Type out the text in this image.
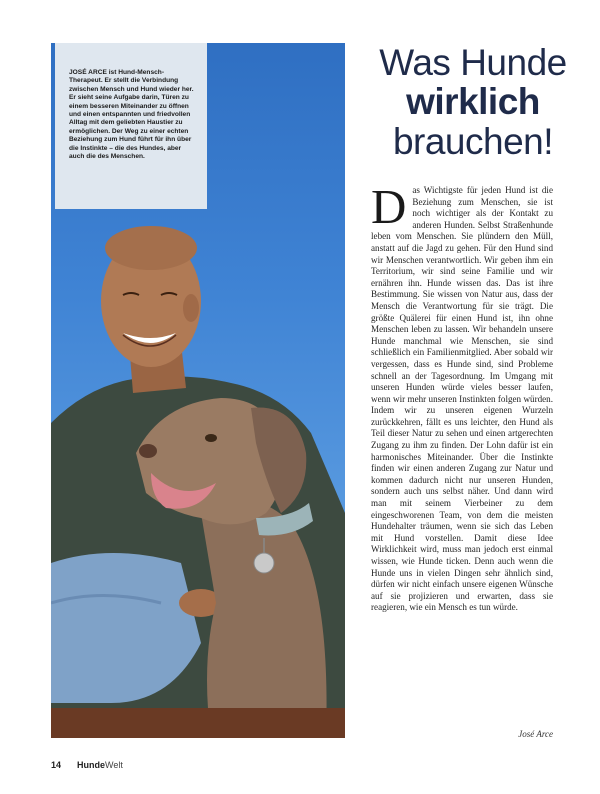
JOSÉ ARCE ist Hund-Mensch-Therapeut. Er stellt die Verbindung zwischen Mensch und Hund wieder her. Er sieht seine Aufgabe darin, Türen zu einem besseren Miteinander zu öffnen und einen entspannten und friedvollen Alltag mit dem geliebten Haustier zu ermöglichen. Der Weg zu einer echten Beziehung zum Hund führt für ihn über die Instinkte – die des Hundes, aber auch die des Menschen.
Was Hunde
wirklich
brauchen!
Das Wichtigste für jeden Hund ist die Beziehung zum Menschen, sie ist noch wichtiger als der Kontakt zu anderen Hunden. Selbst Straßenhunde leben vom Menschen. Sie plündern den Müll, anstatt auf die Jagd zu gehen. Für den Hund sind wir Menschen verantwortlich. Wir geben ihm ein Territorium, wir sind seine Familie und wir ernähren ihn. Hunde wissen das. Das ist ihre Bestimmung. Sie wissen von Natur aus, dass der Mensch die Verantwortung für sie trägt. Die größte Quälerei für einen Hund ist, ihn ohne Menschen leben zu lassen. Wir behandeln unsere Hunde manchmal wie Menschen, sie sind schließlich ein Familienmitglied. Aber sobald wir vergessen, dass es Hunde sind, sind Probleme schnell an der Tagesordnung. Im Umgang mit unseren Hunden würde vieles besser laufen, wenn wir mehr unseren Instinkten folgen würden. Indem wir zu unseren eigenen Wurzeln zurückkehren, fällt es uns leichter, den Hund als Teil dieser Natur zu sehen und einen artgerechten Zugang zu ihm zu finden. Der Lohn dafür ist ein harmonisches Miteinander. Über die Instinkte finden wir einen anderen Zugang zur Natur und kommen dadurch nicht nur unseren Hunden, sondern auch uns selbst näher. Und dann wird man mit seinem Vierbeiner zu dem eingeschworenen Team, von dem die meisten Hundehalter träumen, wenn sie sich das Leben mit Hund vorstellen. Damit diese Idee Wirklichkeit wird, muss man jedoch erst einmal wissen, wie Hunde ticken. Denn auch wenn die Hunde uns in vielen Dingen sehr ähnlich sind, dürfen wir nicht einfach unsere eigenen Wünsche auf sie projizieren und erwarten, dass sie reagieren, wie ein Mensch es tun würde.
José Arce
14 HundeWelt
